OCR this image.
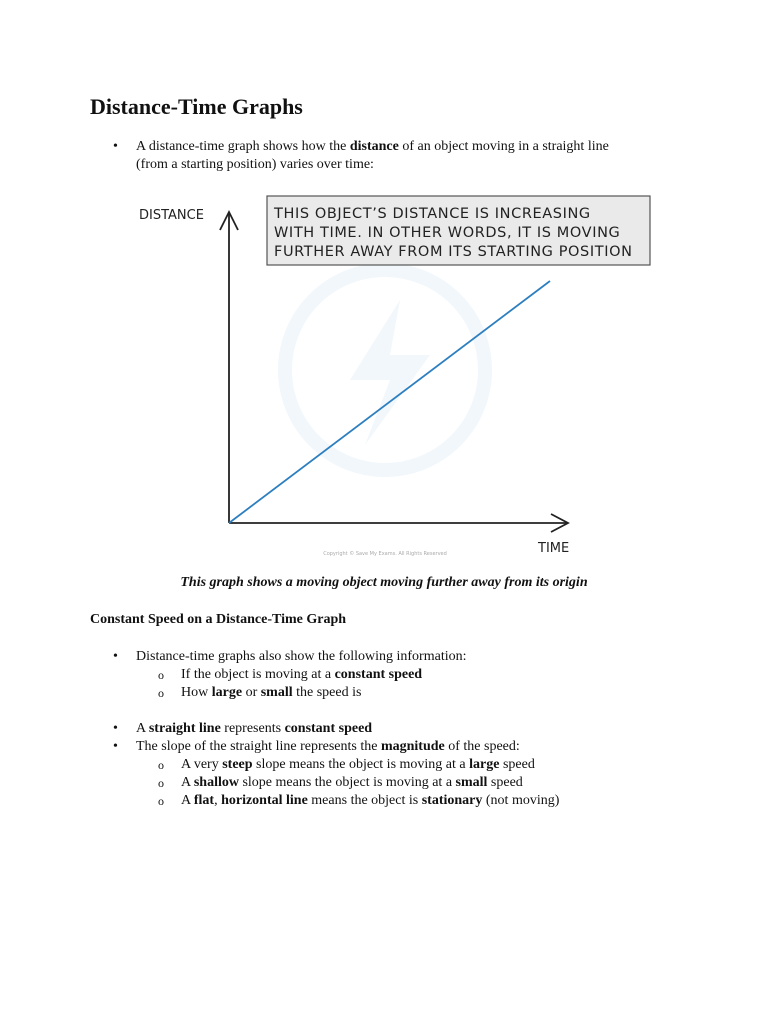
Distance-Time Graphs
• A distance-time graph shows how the distance of an object moving in a straight line
(from a starting position) varies over time:
THIS OBJECT’S DISTANCE IS INCREASING
WITH TIME. IN OTHER WORDS, IT IS MOVING
FURTHER AWAY FROM ITS STARTING POSITION
DISTANCE
TIME
Copyright © Save My Exams. All Rights Reserved
This graph shows a moving object moving further away from its origin
Constant Speed on a Distance-Time Graph
• Distance-time graphs also show the following information:
o If the object is moving at a constant speed
o How large or small the speed is
• A straight line represents constant speed
• The slope of the straight line represents the magnitude of the speed:
o A very steep slope means the object is moving at a large speed
o A shallow slope means the object is moving at a small speed
o A flat, horizontal line means the object is stationary (not moving)
